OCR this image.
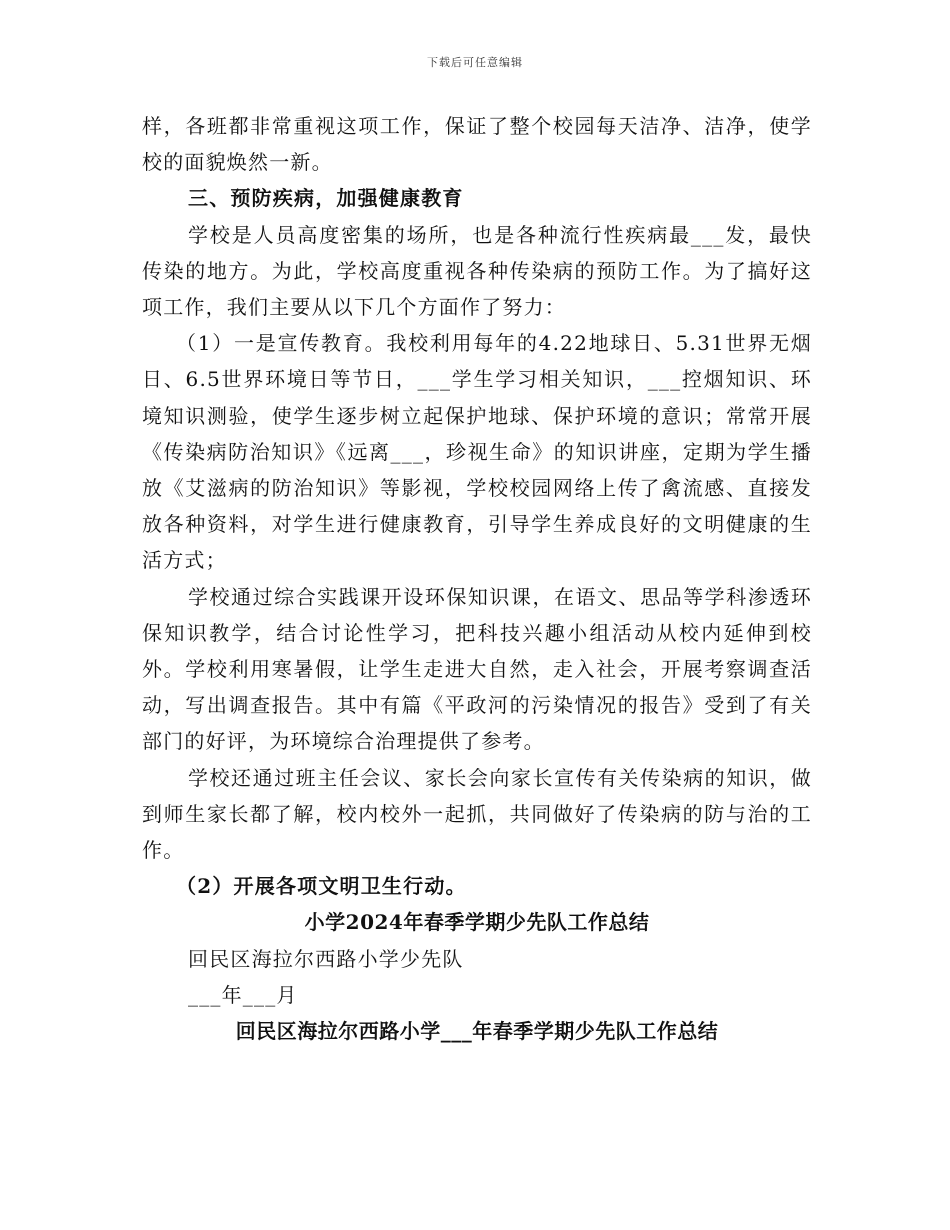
下载后可任意编辑

样，各班都非常重视这项工作，保证了整个校园每天洁净、洁净，使学校的面貌焕然一新。

三、预防疾病，加强健康教育

学校是人员高度密集的场所，也是各种流行性疾病最___发，最快传染的地方。为此，学校高度重视各种传染病的预防工作。为了搞好这项工作，我们主要从以下几个方面作了努力：

（1）一是宣传教育。我校利用每年的4.22地球日、5.31世界无烟日、6.5世界环境日等节日，___学生学习相关知识，___控烟知识、环境知识测验，使学生逐步树立起保护地球、保护环境的意识；常常开展《传染病防治知识》《远离___，珍视生命》的知识讲座，定期为学生播放《艾滋病的防治知识》等影视，学校校园网络上传了禽流感、直接发放各种资料，对学生进行健康教育，引导学生养成良好的文明健康的生活方式；

学校通过综合实践课开设环保知识课，在语文、思品等学科渗透环保知识教学，结合讨论性学习，把科技兴趣小组活动从校内延伸到校外。学校利用寒暑假，让学生走进大自然，走入社会，开展考察调查活动，写出调查报告。其中有篇《平政河的污染情况的报告》受到了有关部门的好评，为环境综合治理提供了参考。

学校还通过班主任会议、家长会向家长宣传有关传染病的知识，做到师生家长都了解，校内校外一起抓，共同做好了传染病的防与治的工作。

（2）开展各项文明卫生行动。

小学2024年春季学期少先队工作总结

回民区海拉尔西路小学少先队

___年___月

回民区海拉尔西路小学___年春季学期少先队工作总结
